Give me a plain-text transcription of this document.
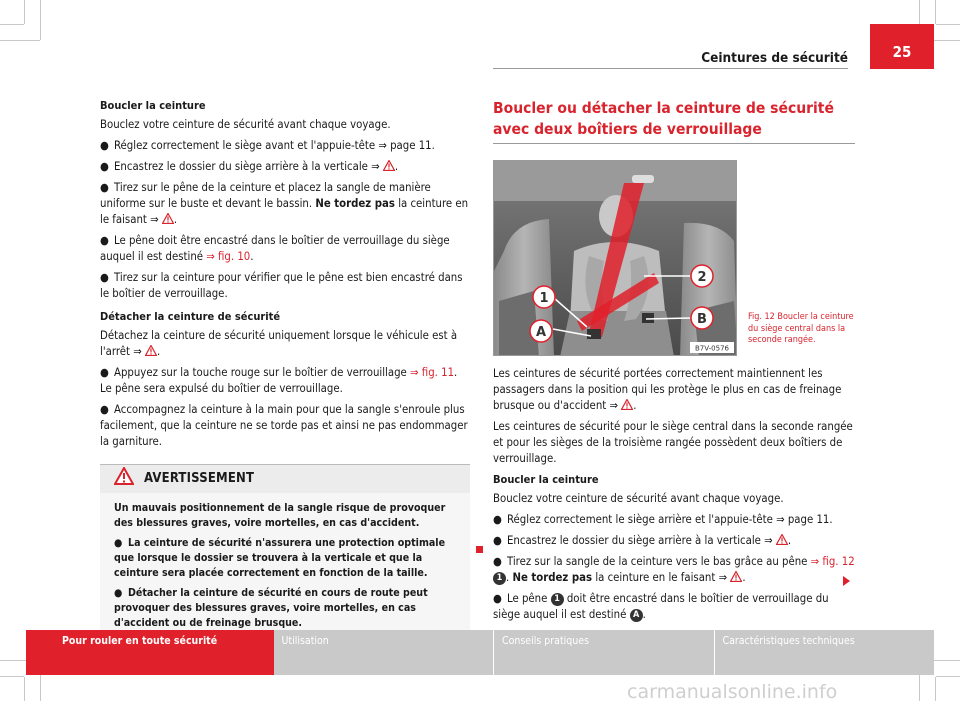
Ceintures de sécurité	25
Boucler la ceinture

Bouclez votre ceinture de sécurité avant chaque voyage.

● Réglez correctement le siège avant et l'appuie-tête ⇒ page 11.

● Encastrez le dossier du siège arrière à la verticale ⇒ .

● Tirez sur le pêne de la ceinture et placez la sangle de manière uniforme sur le buste et devant le bassin. Ne tordez pas la ceinture en le faisant ⇒ .

● Le pêne doit être encastré dans le boîtier de verrouillage du siège auquel il est destiné ⇒ fig. 10.

● Tirez sur la ceinture pour vérifier que le pêne est bien encastré dans le boîtier de verrouillage.

Détacher la ceinture de sécurité

Détachez la ceinture de sécurité uniquement lorsque le véhicule est à l'arrêt ⇒ .

● Appuyez sur la touche rouge sur le boîtier de verrouillage ⇒ fig. 11. Le pêne sera expulsé du boîtier de verrouillage.

● Accompagnez la ceinture à la main pour que la sangle s'enroule plus facilement, que la ceinture ne se torde pas et ainsi ne pas endommager la garniture.

AVERTISSEMENT

Un mauvais positionnement de la sangle risque de provoquer des blessures graves, voire mortelles, en cas d'accident.

● La ceinture de sécurité n'assurera une protection optimale que lorsque le dossier se trouvera à la verticale et que la ceinture sera placée correctement en fonction de la taille.

● Détacher la ceinture de sécurité en cours de route peut provoquer des blessures graves, voire mortelles, en cas d'accident ou de freinage brusque.

Boucler ou détacher la ceinture de sécurité avec deux boîtiers de verrouillage
1
2
A
B
B7V-0576
Fig. 12 Boucler la ceinture du siège central dans la seconde rangée.

Les ceintures de sécurité portées correctement maintiennent les passagers dans la position qui les protège le plus en cas de freinage brusque ou d'accident ⇒ .

Les ceintures de sécurité pour le siège central dans la seconde rangée et pour les sièges de la troisième rangée possèdent deux boîtiers de verrouillage.

Boucler la ceinture

Bouclez votre ceinture de sécurité avant chaque voyage.

● Réglez correctement le siège arrière et l'appuie-tête ⇒ page 11.

● Encastrez le dossier du siège arrière à la verticale ⇒ .

● Tirez sur la sangle de la ceinture vers le bas grâce au pêne ⇒ fig. 12 1 . Ne tordez pas la ceinture en le faisant ⇒ .

● Le pêne 1 doit être encastré dans le boîtier de verrouillage du siège auquel il est destiné A .

Pour rouler en toute sécurité	Utilisation	Conseils pratiques	Caractéristiques techniques
carmanualsonline.info
